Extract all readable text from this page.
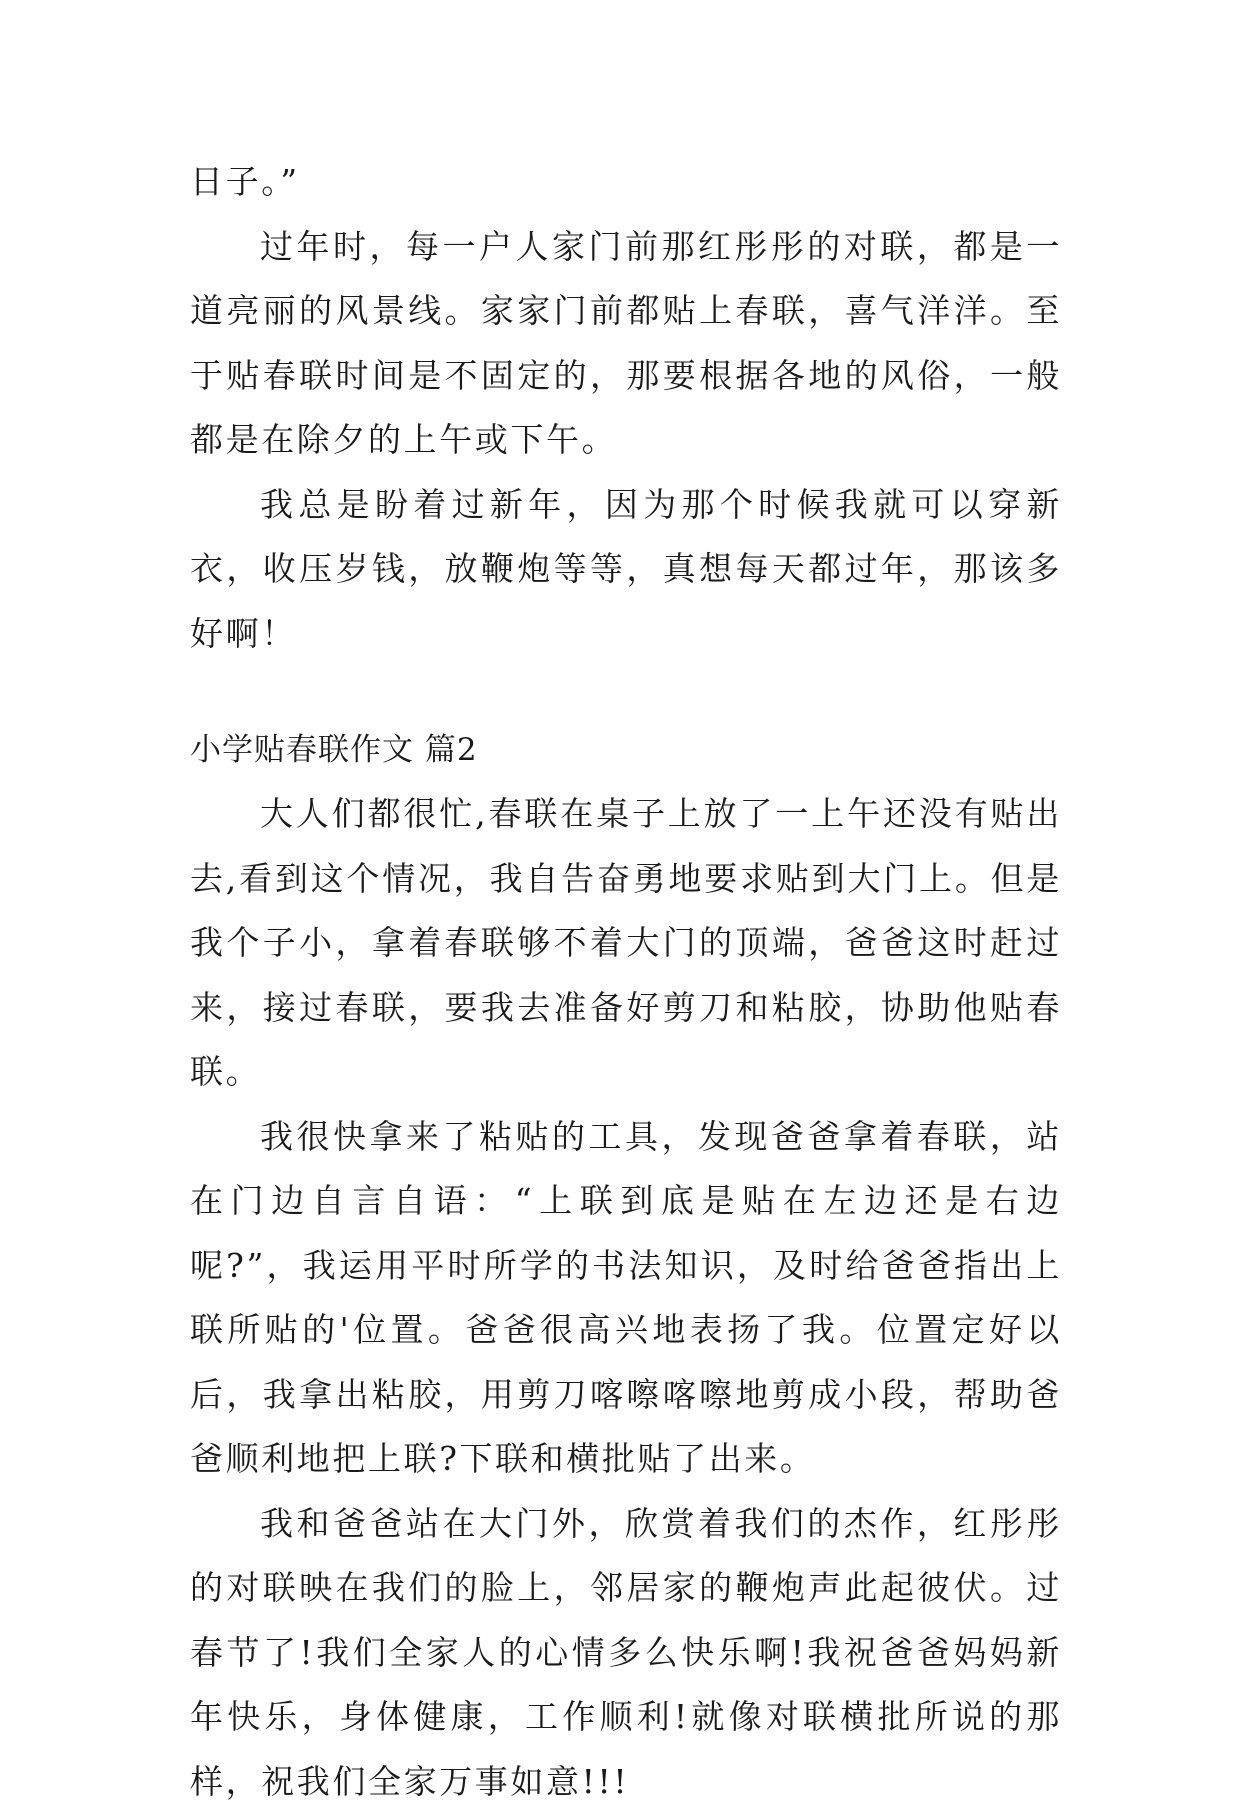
日子。”

过年时，每一户人家门前那红彤彤的对联，都是一道亮丽的风景线。家家门前都贴上春联，喜气洋洋。至于贴春联时间是不固定的，那要根据各地的风俗，一般都是在除夕的上午或下午。

我总是盼着过新年，因为那个时候我就可以穿新衣，收压岁钱，放鞭炮等等，真想每天都过年，那该多好啊！

小学贴春联作文 篇2

大人们都很忙,春联在桌子上放了一上午还没有贴出去,看到这个情况，我自告奋勇地要求贴到大门上。但是我个子小，拿着春联够不着大门的顶端，爸爸这时赶过来，接过春联，要我去准备好剪刀和粘胶，协助他贴春联。

我很快拿来了粘贴的工具，发现爸爸拿着春联，站在门边自言自语：“上联到底是贴在左边还是右边呢?”，我运用平时所学的书法知识，及时给爸爸指出上联所贴的'位置。爸爸很高兴地表扬了我。位置定好以后，我拿出粘胶，用剪刀喀嚓喀嚓地剪成小段，帮助爸爸顺利地把上联?下联和横批贴了出来。

我和爸爸站在大门外，欣赏着我们的杰作，红彤彤的对联映在我们的脸上，邻居家的鞭炮声此起彼伏。过春节了!我们全家人的心情多么快乐啊!我祝爸爸妈妈新年快乐，身体健康，工作顺利!就像对联横批所说的那样，祝我们全家万事如意!!!
